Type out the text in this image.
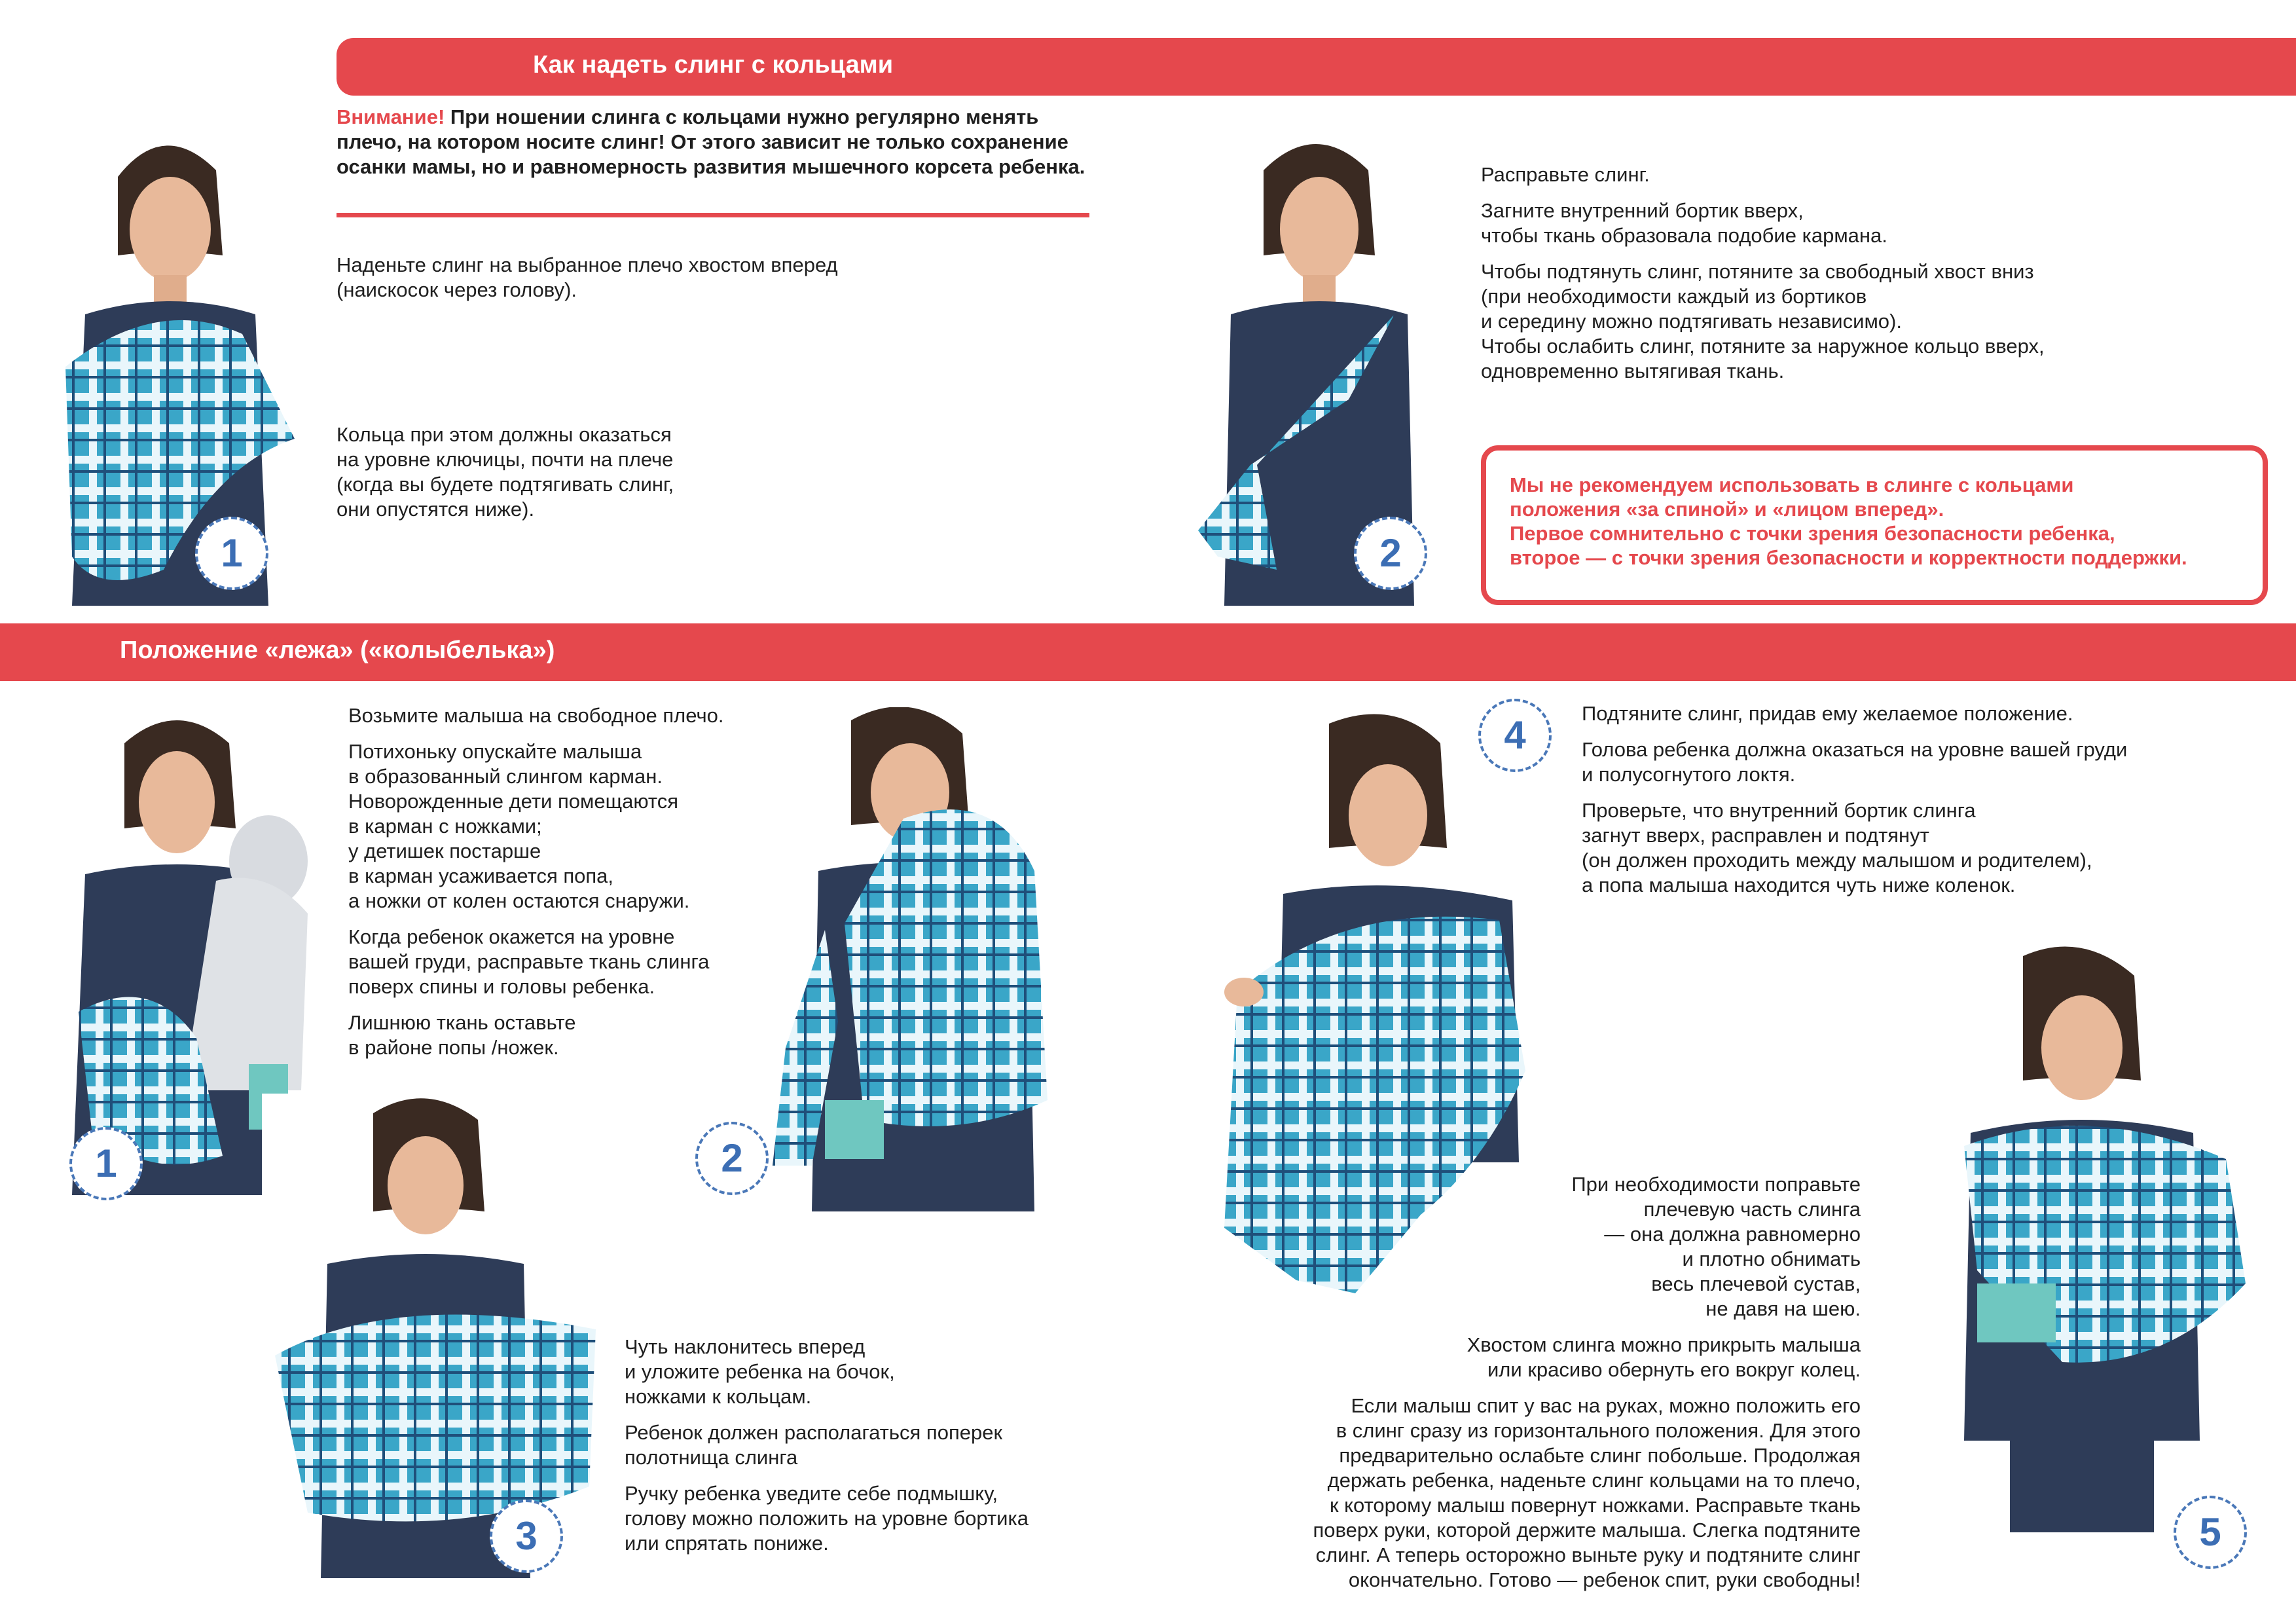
Как надеть слинг с кольцами
Положение «лежа» («колыбелька»)
Внимание! При ношении слинга с кольцами нужно регулярно менять плечо, на котором носите слинг! От этого зависит не только сохранение осанки мамы, но и равномерность развития мышечного корсета ребенка.
1

Наденьте слинг на выбранное плечо хвостом вперед
(наискосок через голову).

Кольца при этом должны оказаться
на уровне ключицы, почти на плече
(когда вы будете подтягивать слинг,
они опустятся ниже).

2

Расправьте слинг.

Загните внутренний бортик вверх,
чтобы ткань образовала подобие кармана.

Чтобы подтянуть слинг, потяните за свободный хвост вниз
(при необходимости каждый из бортиков
и середину можно подтягивать независимо).
Чтобы ослабить слинг, потяните за наружное кольцо вверх,
одновременно вытягивая ткань.

Мы не рекомендуем использовать в слинге с кольцами
положения «за спиной» и «лицом вперед».
Первое сомнительно с точки зрения безопасности ребенка,
второе — с точки зрения безопасности и корректности поддержки.

1

Возьмите малыша на свободное плечо.

Потихоньку опускайте малыша
в образованный слингом карман.
Новорожденные дети помещаются
в карман с ножками;
у детишек постарше
в карман усаживается попа,
а ножки от колен остаются снаружи.

Когда ребенок окажется на уровне
вашей груди, расправьте ткань слинга
поверх спины и головы ребенка.

Лишнюю ткань оставьте
в районе попы /ножек.

2
3

Чуть наклонитесь вперед
и уложите ребенка на бочок,
ножками к кольцам.

Ребенок должен располагаться поперек
полотнища слинга

Ручку ребенка уведите себе подмышку,
голову можно положить на уровне бортика
или спрятать пониже.

4	Подтяните слинг, придав ему желаемое положение.

Голова ребенка должна оказаться на уровне вашей груди
и полусогнутого локтя.

Проверьте, что внутренний бортик слинга
загнут вверх, расправлен и подтянут
(он должен проходить между малышом и родителем),
а попа малыша находится чуть ниже коленок.

При необходимости поправьте
плечевую часть слинга
— она должна равномерно
и плотно обнимать
весь плечевой сустав,
не давя на шею.

Хвостом слинга можно прикрыть малыша
или красиво обернуть его вокруг колец.

Если малыш спит у вас на руках, можно положить его
в слинг сразу из горизонтального положения. Для этого
предварительно ослабьте слинг побольше. Продолжая
держать ребенка, наденьте слинг кольцами на то плечо,
к которому малыш повернут ножками. Расправьте ткань
поверх руки, которой держите малыша. Слегка подтяните
слинг. А теперь осторожно выньте руку и подтяните слинг
окончательно. Готово — ребенок спит, руки свободны!

5
